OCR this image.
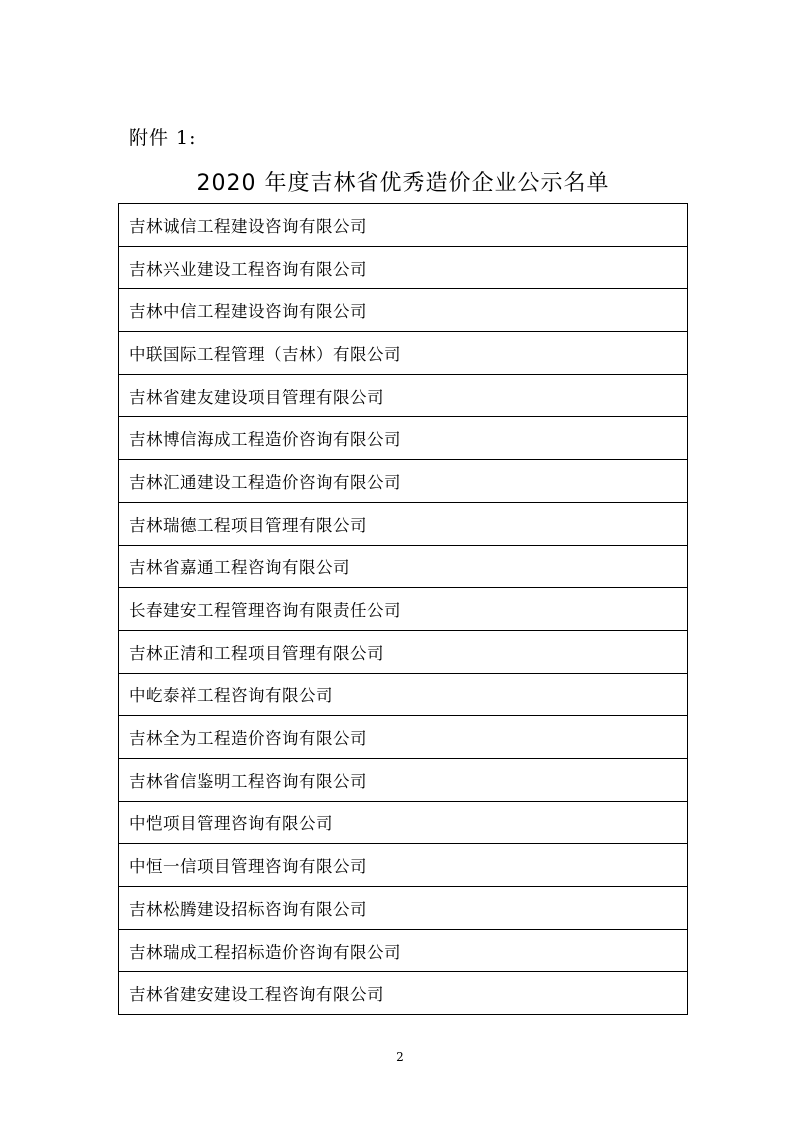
附件 1:
2020 年度吉林省优秀造价企业公示名单
吉林诚信工程建设咨询有限公司
吉林兴业建设工程咨询有限公司
吉林中信工程建设咨询有限公司
中联国际工程管理（吉林）有限公司
吉林省建友建设项目管理有限公司
吉林博信海成工程造价咨询有限公司
吉林汇通建设工程造价咨询有限公司
吉林瑞德工程项目管理有限公司
吉林省嘉通工程咨询有限公司
长春建安工程管理咨询有限责任公司
吉林正清和工程项目管理有限公司
中屹泰祥工程咨询有限公司
吉林全为工程造价咨询有限公司
吉林省信鉴明工程咨询有限公司
中恺项目管理咨询有限公司
中恒一信项目管理咨询有限公司
吉林松腾建设招标咨询有限公司
吉林瑞成工程招标造价咨询有限公司
吉林省建安建设工程咨询有限公司
2
